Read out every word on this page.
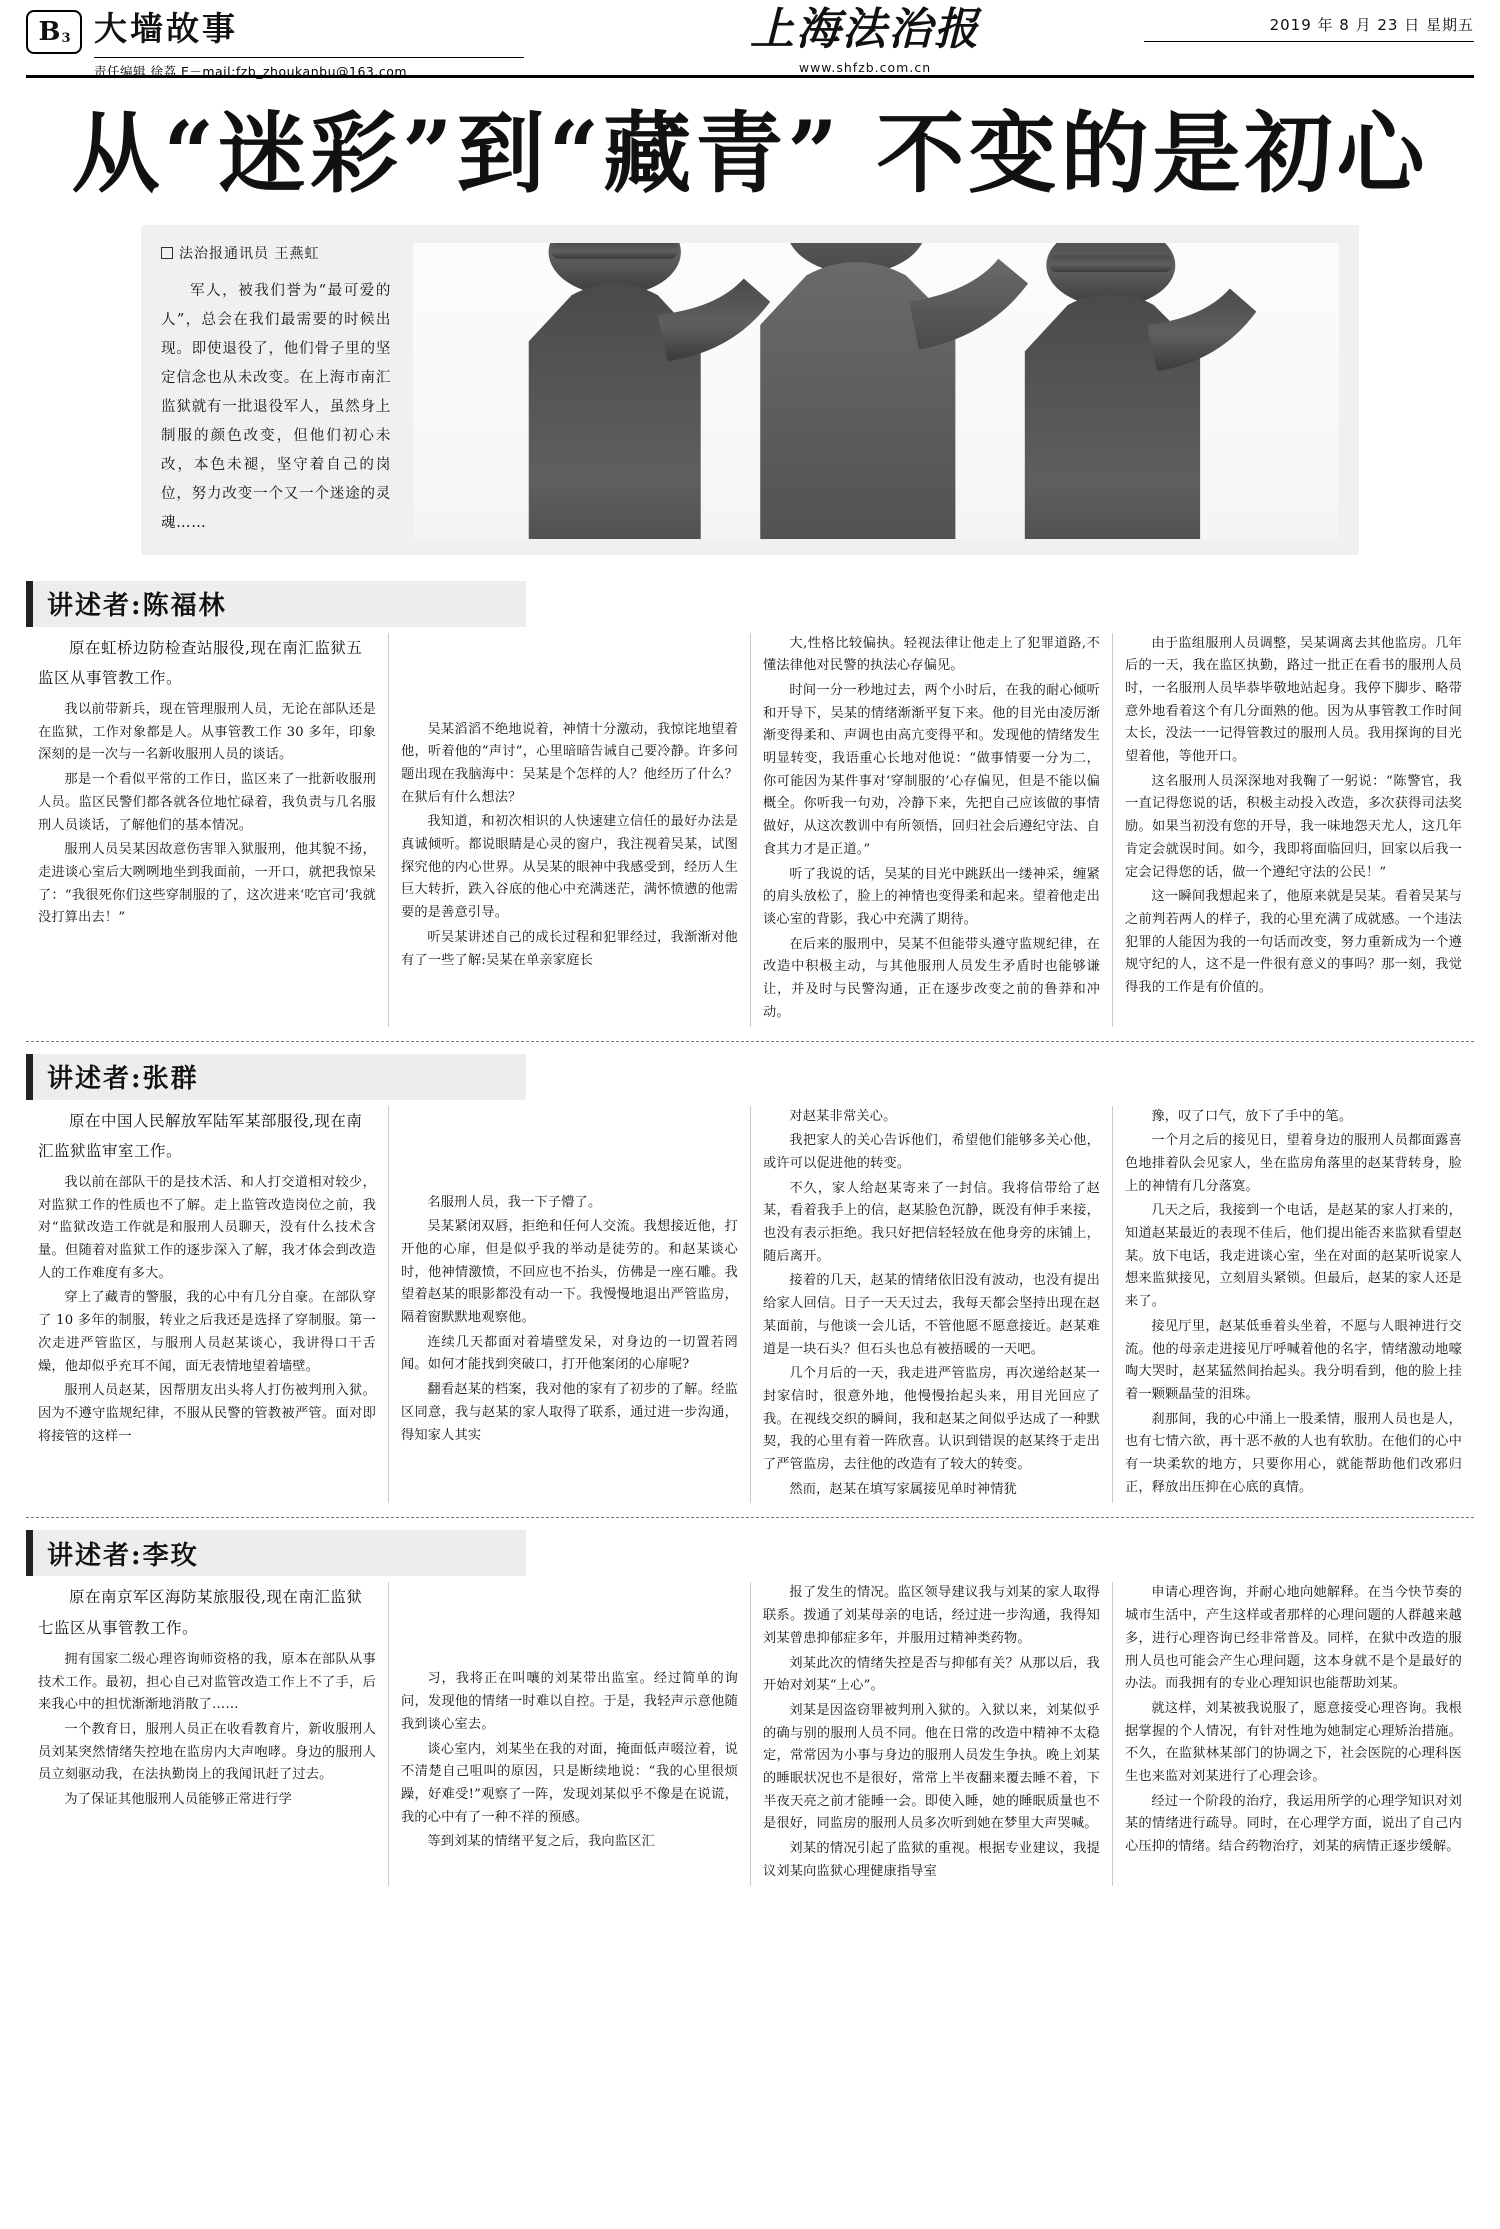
$B_3$ 大墙故事
责任编辑 徐荔 E－mail:fzb_zhoukanbu@163.com
上海法治报
www.shfzb.com.cn
2019 年 8 月 23 日 星期五
从“迷彩”到“藏青” 不变的是初心
法治报通讯员 王燕虹
军人，被我们誉为“最可爱的人”，总会在我们最需要的时候出现。即使退役了，他们骨子里的坚定信念也从未改变。在上海市南汇监狱就有一批退役军人，虽然身上制服的颜色改变，但他们初心未改，本色未褪，坚守着自己的岗位，努力改变一个又一个迷途的灵魂……
讲述者:陈福林
原在虹桥边防检查站服役,现在南汇监狱五监区从事管教工作。

我以前带新兵，现在管理服刑人员，无论在部队还是在监狱，工作对象都是人。从事管教工作 30 多年，印象深刻的是一次与一名新收服刑人员的谈话。

那是一个看似平常的工作日，监区来了一批新收服刑人员。监区民警们都各就各位地忙碌着，我负责与几名服刑人员谈话，了解他们的基本情况。

服刑人员吴某因故意伤害罪入狱服刑，他其貌不扬，走进谈心室后大咧咧地坐到我面前，一开口，就把我惊呆了：“我很死你们这些穿制服的了，这次进来‘吃官司’我就没打算出去！”

吴某滔滔不绝地说着，神情十分激动，我惊诧地望着他，听着他的“声讨”，心里暗暗告诫自己要冷静。许多问题出现在我脑海中：吴某是个怎样的人？他经历了什么？在狱后有什么想法？

我知道，和初次相识的人快速建立信任的最好办法是真诚倾听。都说眼睛是心灵的窗户，我注视着吴某，试图探究他的内心世界。从吴某的眼神中我感受到，经历人生巨大转折，跌入谷底的他心中充满迷茫，满怀愤懑的他需要的是善意引导。

听吴某讲述自己的成长过程和犯罪经过，我渐渐对他有了一些了解:吴某在单亲家庭长

大,性格比较偏执。轻视法律让他走上了犯罪道路,不懂法律他对民警的执法心存偏见。

时间一分一秒地过去，两个小时后，在我的耐心倾听和开导下，吴某的情绪渐渐平复下来。他的目光由凌厉渐渐变得柔和、声调也由高亢变得平和。发现他的情绪发生明显转变，我语重心长地对他说：“做事情要一分为二，你可能因为某件事对‘穿制服的’心存偏见，但是不能以偏概全。你听我一句劝，冷静下来，先把自己应该做的事情做好，从这次教训中有所领悟，回归社会后遵纪守法、自食其力才是正道。”

听了我说的话，吴某的目光中跳跃出一缕神采，缠紧的肩头放松了，脸上的神情也变得柔和起来。望着他走出谈心室的背影，我心中充满了期待。

在后来的服刑中，吴某不但能带头遵守监规纪律，在改造中积极主动，与其他服刑人员发生矛盾时也能够谦让，并及时与民警沟通，正在逐步改变之前的鲁莽和冲动。

由于监组服刑人员调整，吴某调离去其他监房。几年后的一天，我在监区执勤，路过一批正在看书的服刑人员时，一名服刑人员毕恭毕敬地站起身。我停下脚步、略带意外地看着这个有几分面熟的他。因为从事管教工作时间太长，没法一一记得管教过的服刑人员。我用探询的目光望着他，等他开口。

这名服刑人员深深地对我鞠了一躬说：“陈警官，我一直记得您说的话，积极主动投入改造，多次获得司法奖励。如果当初没有您的开导，我一味地怨天尤人，这几年肯定会就误时间。如今，我即将面临回归，回家以后我一定会记得您的话，做一个遵纪守法的公民！”

这一瞬间我想起来了，他原来就是吴某。看着吴某与之前判若两人的样子，我的心里充满了成就感。一个违法犯罪的人能因为我的一句话而改变，努力重新成为一个遵规守纪的人，这不是一件很有意义的事吗？那一刻，我觉得我的工作是有价值的。

讲述者:张群
原在中国人民解放军陆军某部服役,现在南汇监狱监审室工作。

我以前在部队干的是技术活、和人打交道相对较少，对监狱工作的性质也不了解。走上监管改造岗位之前，我对“监狱改造工作就是和服刑人员聊天，没有什么技术含量。但随着对监狱工作的逐步深入了解，我才体会到改造人的工作难度有多大。

穿上了藏青的警服，我的心中有几分自豪。在部队穿了 10 多年的制服，转业之后我还是选择了穿制服。第一次走进严管监区，与服刑人员赵某谈心，我讲得口干舌燥，他却似乎充耳不闻，面无表情地望着墙壁。

服刑人员赵某，因帮朋友出头将人打伤被判刑入狱。因为不遵守监规纪律，不服从民警的管教被严管。面对即将接管的这样一

名服刑人员，我一下子懵了。

吴某紧闭双唇，拒绝和任何人交流。我想接近他，打开他的心扉，但是似乎我的举动是徒劳的。和赵某谈心时，他神情激愤，不回应也不抬头，仿佛是一座石雕。我望着赵某的眼影都没有动一下。我慢慢地退出严管监房，隔着窗默默地观察他。

连续几天都面对着墙壁发呆，对身边的一切置若罔闻。如何才能找到突破口，打开他案闭的心扉呢?

翻看赵某的档案，我对他的家有了初步的了解。经监区同意，我与赵某的家人取得了联系，通过进一步沟通，得知家人其实

对赵某非常关心。

我把家人的关心告诉他们，希望他们能够多关心他，或许可以促进他的转变。

不久，家人给赵某寄来了一封信。我将信带给了赵某，看着我手上的信，赵某脸色沉静，既没有伸手来接，也没有表示拒绝。我只好把信轻轻放在他身旁的床铺上，随后离开。

接着的几天，赵某的情绪依旧没有波动，也没有提出给家人回信。日子一天天过去，我每天都会坚持出现在赵某面前，与他谈一会儿话，不管他愿不愿意接近。赵某难道是一块石头？但石头也总有被捂暖的一天吧。

几个月后的一天，我走进严管监房，再次递给赵某一封家信时，很意外地，他慢慢抬起头来，用目光回应了我。在视线交织的瞬间，我和赵某之间似乎达成了一种默契，我的心里有着一阵欣喜。认识到错误的赵某终于走出了严管监房，去往他的改造有了较大的转变。

然而，赵某在填写家属接见单时神情犹

豫，叹了口气，放下了手中的笔。

一个月之后的接见日，望着身边的服刑人员都面露喜色地排着队会见家人，坐在监房角落里的赵某背转身，脸上的神情有几分落寞。

几天之后，我接到一个电话，是赵某的家人打来的，知道赵某最近的表现不佳后，他们提出能否来监狱看望赵某。放下电话，我走进谈心室，坐在对面的赵某听说家人想来监狱接见，立刻眉头紧锁。但最后，赵某的家人还是来了。

接见厅里，赵某低垂着头坐着，不愿与人眼神进行交流。他的母亲走进接见厅呼喊着他的名字，情绪激动地嚎啕大哭时，赵某猛然间抬起头。我分明看到，他的脸上挂着一颗颗晶莹的泪珠。

刹那间，我的心中涌上一股柔情，服刑人员也是人，也有七情六欲，再十恶不赦的人也有软肋。在他们的心中有一块柔软的地方，只要你用心，就能帮助他们改邪归正，释放出压抑在心底的真情。

讲述者:李玫
原在南京军区海防某旅服役,现在南汇监狱七监区从事管教工作。

拥有国家二级心理咨询师资格的我，原本在部队从事技术工作。最初，担心自己对监管改造工作上不了手，后来我心中的担忧渐渐地消散了……

一个教育日，服刑人员正在收看教育片，新收服刑人员刘某突然情绪失控地在监房内大声咆哮。身边的服刑人员立刻驱动我，在法执勤岗上的我闻讯赶了过去。

为了保证其他服刑人员能够正常进行学

习，我将正在叫嚷的刘某带出监室。经过简单的询问，发现他的情绪一时难以自控。于是，我轻声示意他随我到谈心室去。

谈心室内，刘某坐在我的对面，掩面低声啜泣着，说不清楚自己咀叫的原因，只是断续地说：“我的心里很烦躁，好难受!”观察了一阵，发现刘某似乎不像是在说谎，我的心中有了一种不祥的预感。

等到刘某的情绪平复之后，我向监区汇

报了发生的情况。监区领导建议我与刘某的家人取得联系。拨通了刘某母亲的电话，经过进一步沟通，我得知刘某曾患抑郁症多年，并服用过精神类药物。

刘某此次的情绪失控是否与抑郁有关？从那以后，我开始对刘某“上心”。

刘某是因盗窃罪被判刑入狱的。入狱以来，刘某似乎的确与别的服刑人员不同。他在日常的改造中精神不太稳定，常常因为小事与身边的服刑人员发生争执。晚上刘某的睡眠状况也不是很好，常常上半夜翻来覆去睡不着，下半夜天亮之前才能睡一会。即使入睡，她的睡眠质量也不是很好，同监房的服刑人员多次听到她在梦里大声哭喊。

刘某的情况引起了监狱的重视。根据专业建议，我提议刘某向监狱心理健康指导室

申请心理咨询，并耐心地向她解释。在当今快节奏的城市生活中，产生这样或者那样的心理问题的人群越来越多，进行心理咨询已经非常普及。同样，在狱中改造的服刑人员也可能会产生心理问题，这本身就不是个是最好的办法。而我拥有的专业心理知识也能帮助刘某。

就这样，刘某被我说服了，愿意接受心理咨询。我根据掌握的个人情况，有针对性地为她制定心理矫治措施。不久，在监狱林某部门的协调之下，社会医院的心理科医生也来监对刘某进行了心理会诊。

经过一个阶段的治疗，我运用所学的心理学知识对刘某的情绪进行疏导。同时，在心理学方面，说出了自己内心压抑的情绪。结合药物治疗，刘某的病情正逐步缓解。
